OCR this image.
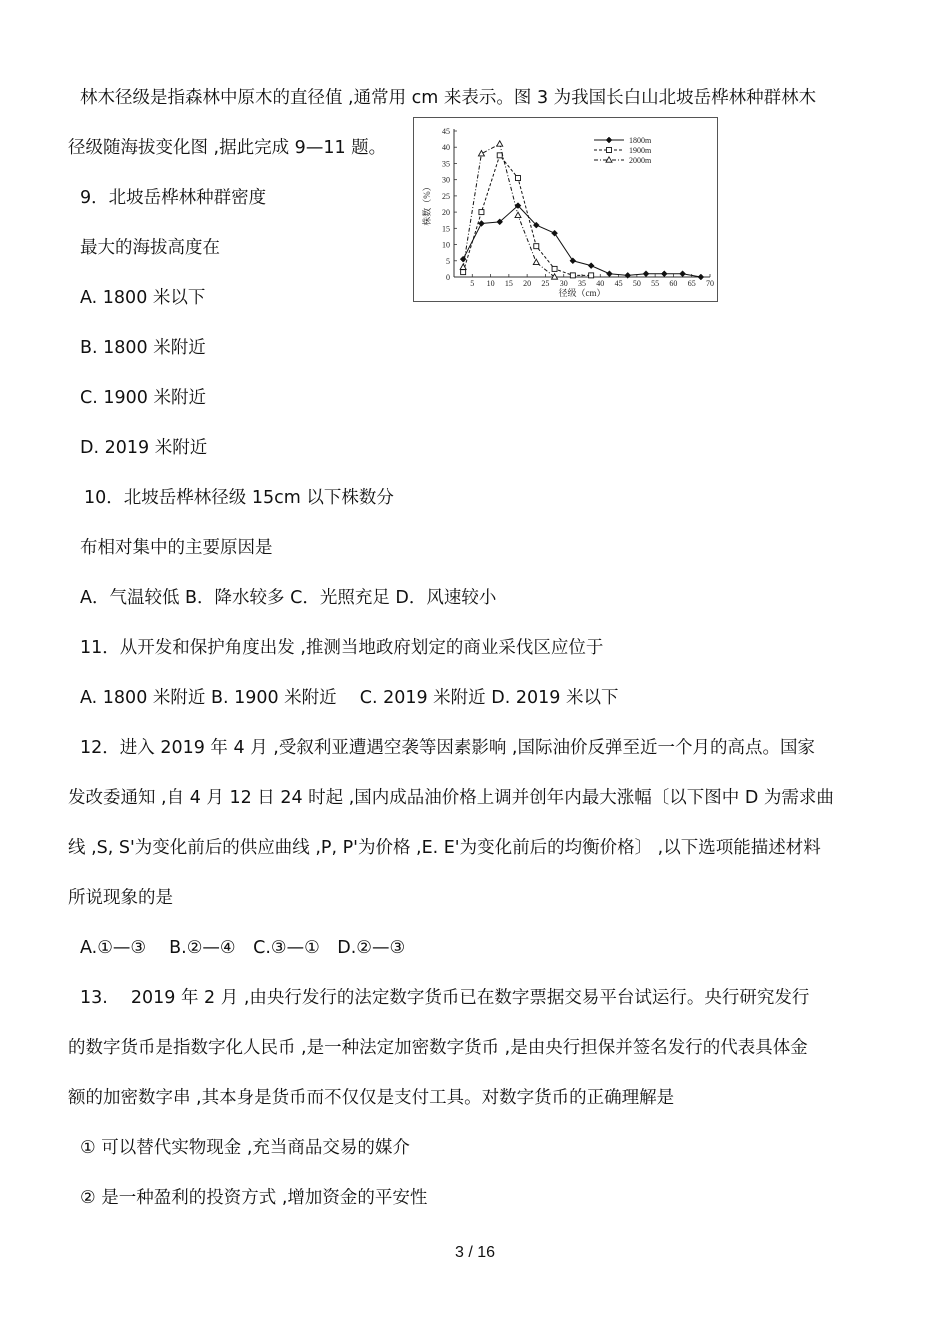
林木径级是指森林中原木的直径值 ,通常用 cm 来表示。图 3 为我国长白山北坡岳桦林种群林木
径级随海拔变化图 ,据此完成 9—11 题。
9．北坡岳桦林种群密度
最大的海拔高度在
A. 1800 米以下
B. 1800 米附近
C. 1900 米附近
D. 2019 米附近
10．北坡岳桦林径级 15cm 以下株数分
布相对集中的主要原因是
A．气温较低 B．降水较多 C．光照充足 D．风速较小
11．从开发和保护角度出发 ,推测当地政府划定的商业采伐区应位于
A. 1800 米附近 B. 1900 米附近　 C. 2019 米附近 D. 2019 米以下
12．进入 2019 年 4 月 ,受叙利亚遭遇空袭等因素影响 ,国际油价反弹至近一个月的高点。国家
发改委通知 ,自 4 月 12 日 24 时起 ,国内成品油价格上调并创年内最大涨幅〔以下图中 D 为需求曲
线 ,S, S'为变化前后的供应曲线 ,P, P'为价格 ,E. E'为变化前后的均衡价格〕 ,以下选项能描述材料
所说现象的是
A.①—③　 B.②—④　C.③—①　D.②—③
13.　 2019 年 2 月 ,由央行发行的法定数字货币已在数字票据交易平台试运行。央行研究发行
的数字货币是指数字化人民币 ,是一种法定加密数字货币 ,是由央行担保并签名发行的代表具体金
额的加密数字串 ,其本身是货币而不仅仅是支付工具。对数字货币的正确理解是
① 可以替代实物现金 ,充当商品交易的媒介
② 是一种盈利的投资方式 ,增加资金的平安性
0
5
10
15
20
25
30
35
40
45
5 10 15 20 25 30 35 40 45 50 55 60 65 70
株数（%）
径级（cm）
1800m
1900m
2000m
3 / 16
